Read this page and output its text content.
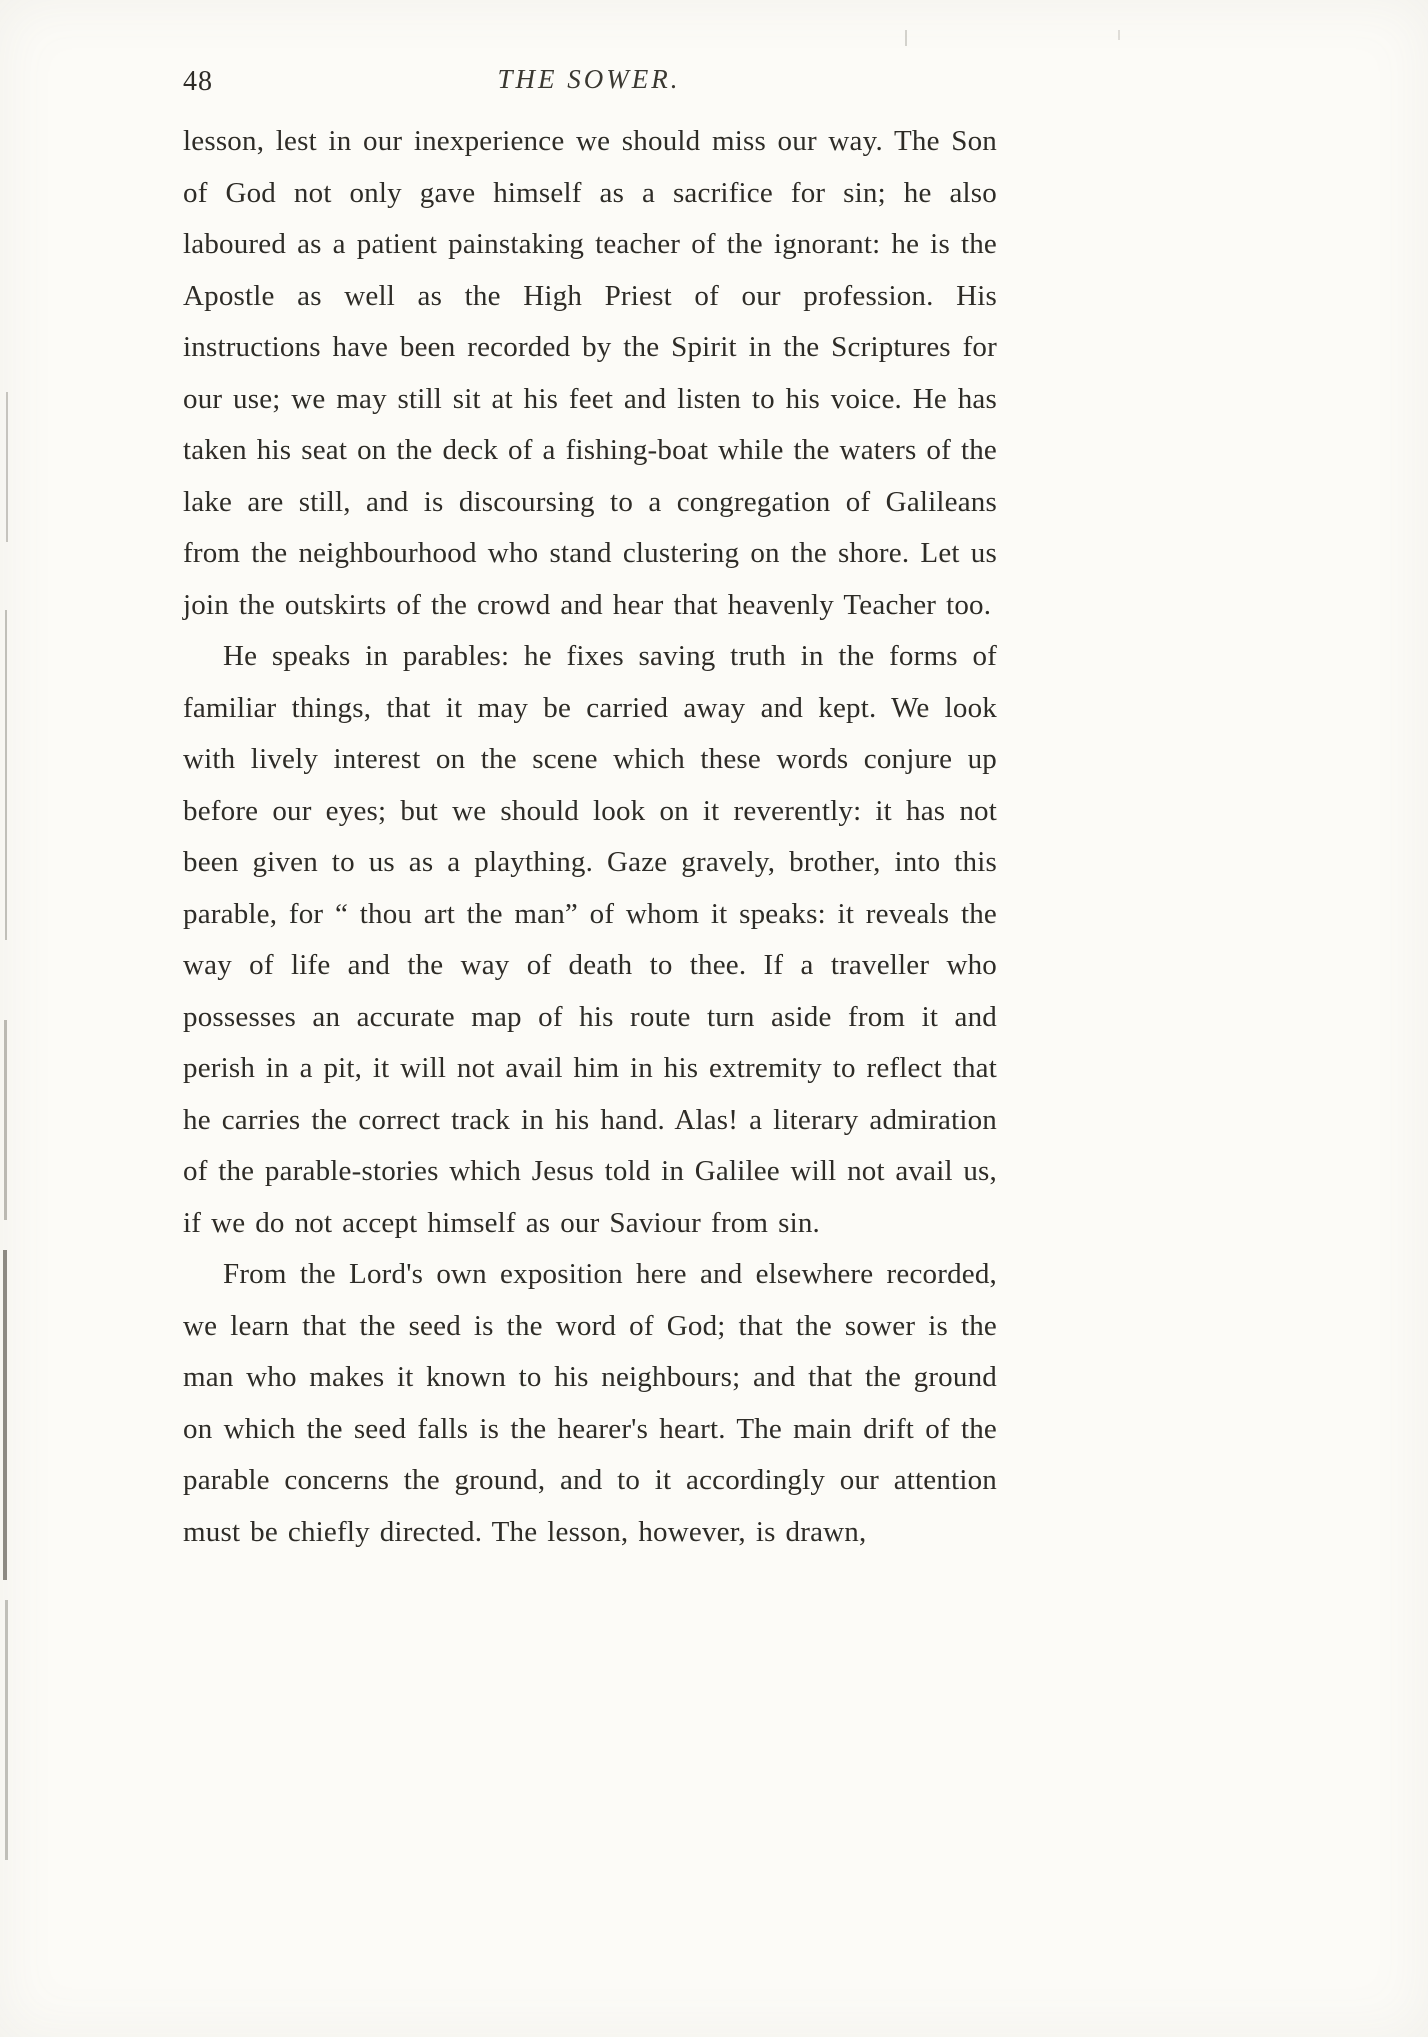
48	THE SOWER.

lesson, lest in our inexperience we should miss our way. The Son of God not only gave himself as a sacrifice for sin; he also laboured as a patient painstaking teacher of the ignorant: he is the Apostle as well as the High Priest of our profession. His instructions have been recorded by the Spirit in the Scriptures for our use; we may still sit at his feet and listen to his voice. He has taken his seat on the deck of a fishing-boat while the waters of the lake are still, and is discoursing to a congregation of Galileans from the neighbourhood who stand clustering on the shore. Let us join the outskirts of the crowd and hear that heavenly Teacher too.

He speaks in parables: he fixes saving truth in the forms of familiar things, that it may be carried away and kept. We look with lively interest on the scene which these words conjure up before our eyes; but we should look on it reverently: it has not been given to us as a plaything. Gaze gravely, brother, into this parable, for “ thou art the man” of whom it speaks: it reveals the way of life and the way of death to thee. If a traveller who possesses an accurate map of his route turn aside from it and perish in a pit, it will not avail him in his extremity to reflect that he carries the correct track in his hand. Alas! a literary admiration of the parable-stories which Jesus told in Galilee will not avail us, if we do not accept himself as our Saviour from sin.

From the Lord's own exposition here and elsewhere recorded, we learn that the seed is the word of God; that the sower is the man who makes it known to his neighbours; and that the ground on which the seed falls is the hearer's heart. The main drift of the parable concerns the ground, and to it accordingly our attention must be chiefly directed. The lesson, however, is drawn,
